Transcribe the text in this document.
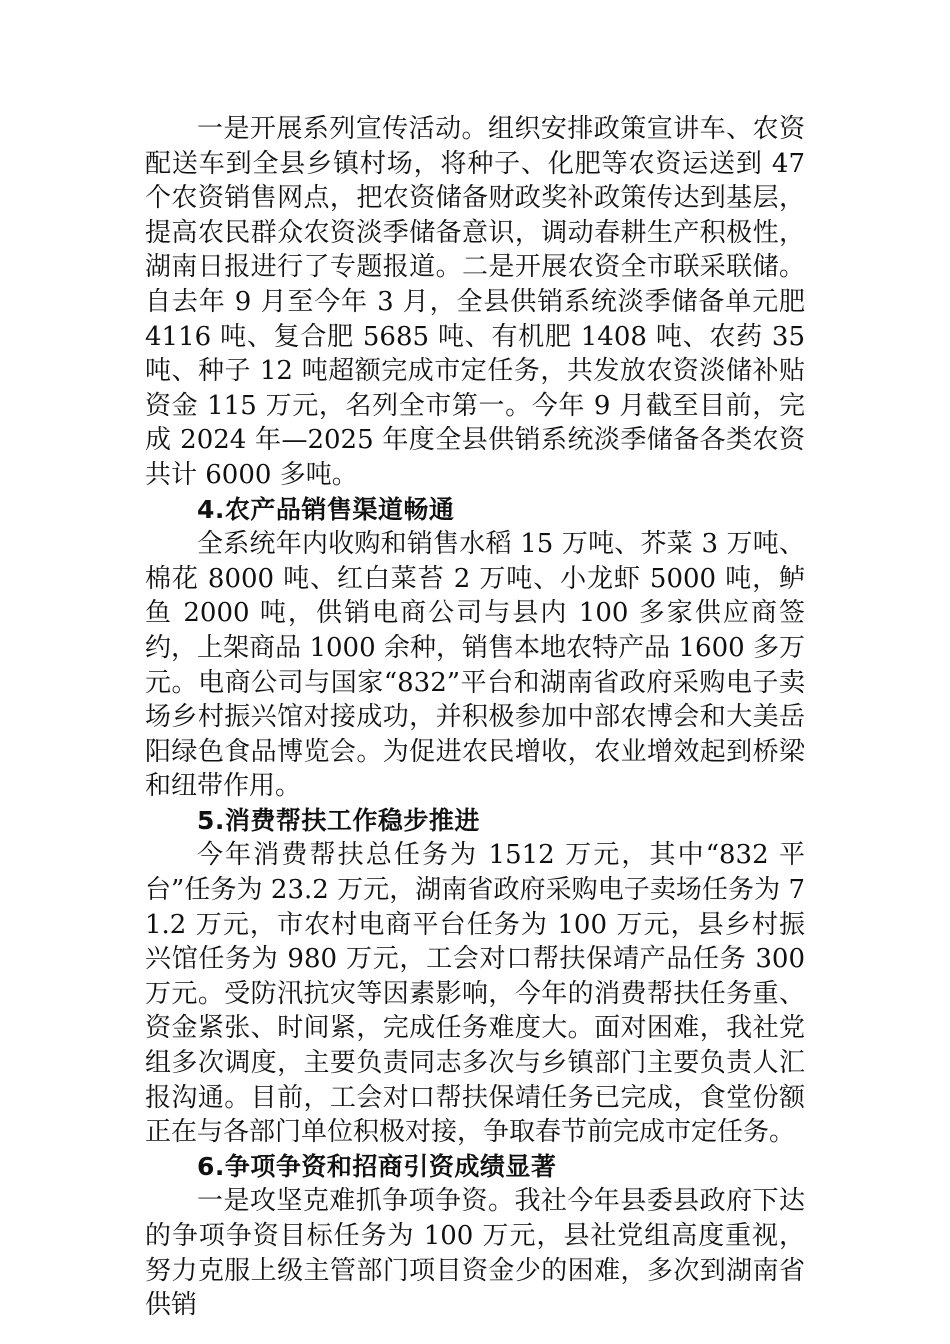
一是开展系列宣传活动。组织安排政策宣讲车、农资配送车到全县乡镇村场，将种子、化肥等农资运送到 47 个农资销售网点，把农资储备财政奖补政策传达到基层，提高农民群众农资淡季储备意识，调动春耕生产积极性，湖南日报进行了专题报道。二是开展农资全市联采联储。自去年 9 月至今年 3 月，全县供销系统淡季储备单元肥 4116 吨、复合肥 5685 吨、有机肥 1408 吨、农药 35 吨、种子 12 吨超额完成市定任务，共发放农资淡储补贴资金 115 万元，名列全市第一。今年 9 月截至目前，完成 2024 年—2025 年度全县供销系统淡季储备各类农资共计 6000 多吨。

4.农产品销售渠道畅通

全系统年内收购和销售水稻 15 万吨、芥菜 3 万吨、棉花 8000 吨、红白菜苔 2 万吨、小龙虾 5000 吨，鲈鱼 2000 吨，供销电商公司与县内 100 多家供应商签约，上架商品 1000 余种，销售本地农特产品 1600 多万元。电商公司与国家“832”平台和湖南省政府采购电子卖场乡村振兴馆对接成功，并积极参加中部农博会和大美岳阳绿色食品博览会。为促进农民增收，农业增效起到桥梁和纽带作用。

5.消费帮扶工作稳步推进

今年消费帮扶总任务为 1512 万元，其中“832 平台”任务为 23.2 万元，湖南省政府采购电子卖场任务为 71.2 万元，市农村电商平台任务为 100 万元，县乡村振兴馆任务为 980 万元，工会对口帮扶保靖产品任务 300 万元。受防汛抗灾等因素影响，今年的消费帮扶任务重、资金紧张、时间紧，完成任务难度大。面对困难，我社党组多次调度，主要负责同志多次与乡镇部门主要负责人汇报沟通。目前，工会对口帮扶保靖任务已完成，食堂份额正在与各部门单位积极对接，争取春节前完成市定任务。

6.争项争资和招商引资成绩显著

一是攻坚克难抓争项争资。我社今年县委县政府下达的争项争资目标任务为 100 万元，县社党组高度重视，努力克服上级主管部门项目资金少的困难，多次到湖南省供销
